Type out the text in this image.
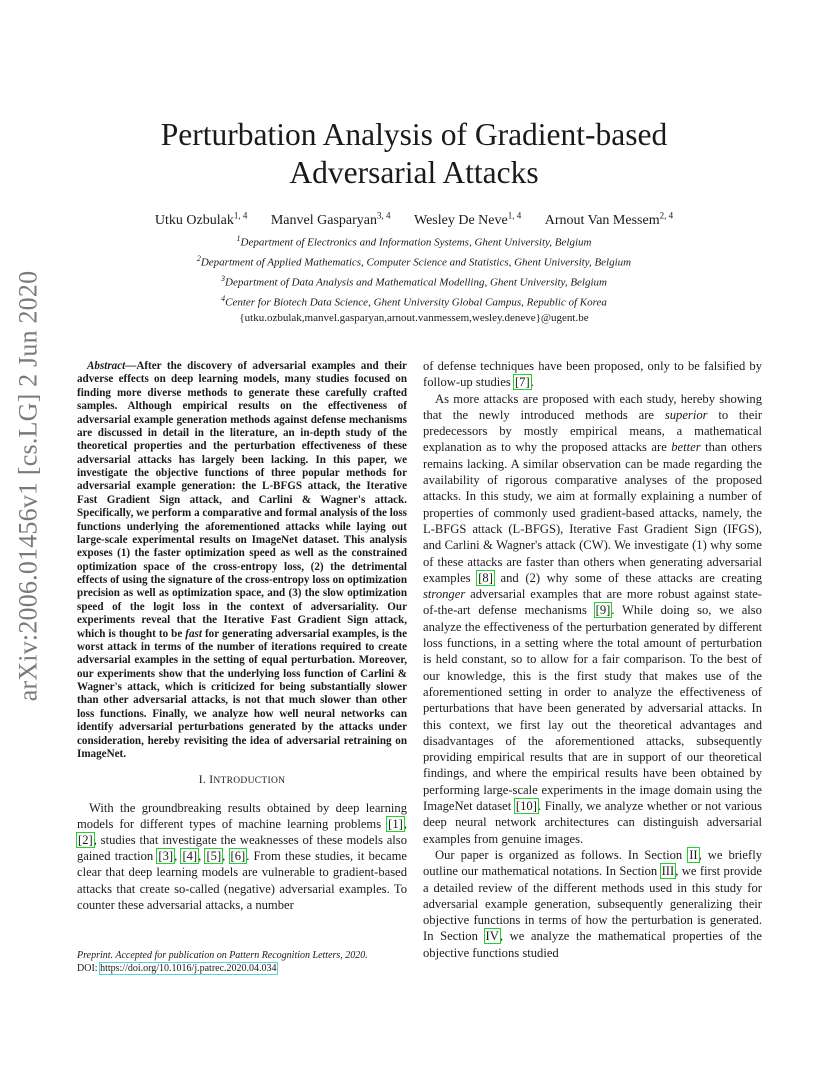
arXiv:2006.01456v1 [cs.LG] 2 Jun 2020
Perturbation Analysis of Gradient-based
Adversarial Attacks
Utku Ozbulak$^{1, 4}$ Manvel Gasparyan$^{3, 4}$ Wesley De Neve$^{1, 4}$ Arnout Van Messem$^{2, 4}$
$^1$Department of Electronics and Information Systems, Ghent University, Belgium
$^2$Department of Applied Mathematics, Computer Science and Statistics, Ghent University, Belgium
$^3$Department of Data Analysis and Mathematical Modelling, Ghent University, Belgium
$^4$Center for Biotech Data Science, Ghent University Global Campus, Republic of Korea
{utku.ozbulak,manvel.gasparyan,arnout.vanmessem,wesley.deneve}@ugent.be

Abstract—After the discovery of adversarial examples and their adverse effects on deep learning models, many studies focused on finding more diverse methods to generate these carefully crafted samples. Although empirical results on the effectiveness of adversarial example generation methods against defense mechanisms are discussed in detail in the literature, an in-depth study of the theoretical properties and the perturbation effectiveness of these adversarial attacks has largely been lacking. In this paper, we investigate the objective functions of three popular methods for adversarial example generation: the L-BFGS attack, the Iterative Fast Gradient Sign attack, and Carlini & Wagner's attack. Specifically, we perform a comparative and formal analysis of the loss functions underlying the aforementioned attacks while laying out large-scale experimental results on ImageNet dataset. This analysis exposes (1) the faster optimization speed as well as the constrained optimization space of the cross-entropy loss, (2) the detrimental effects of using the signature of the cross-entropy loss on optimization precision as well as optimization space, and (3) the slow optimization speed of the logit loss in the context of adversariality. Our experiments reveal that the Iterative Fast Gradient Sign attack, which is thought to be fast for generating adversarial examples, is the worst attack in terms of the number of iterations required to create adversarial examples in the setting of equal perturbation. Moreover, our experiments show that the underlying loss function of Carlini & Wagner's attack, which is criticized for being substantially slower than other adversarial attacks, is not that much slower than other loss functions. Finally, we analyze how well neural networks can identify adversarial perturbations generated by the attacks under consideration, hereby revisiting the idea of adversarial retraining on ImageNet.

I. INTRODUCTION

With the groundbreaking results obtained by deep learning models for different types of machine learning problems [1], [2], studies that investigate the weaknesses of these models also gained traction [3], [4], [5], [6]. From these studies, it became clear that deep learning models are vulnerable to gradient-based attacks that create so-called (negative) adversarial examples. To counter these adversarial attacks, a number

Preprint. Accepted for publication on Pattern Recognition Letters, 2020.
DOI: https://doi.org/10.1016/j.patrec.2020.04.034

of defense techniques have been proposed, only to be falsified by follow-up studies [7].

As more attacks are proposed with each study, hereby showing that the newly introduced methods are superior to their predecessors by mostly empirical means, a mathematical explanation as to why the proposed attacks are better than others remains lacking. A similar observation can be made regarding the availability of rigorous comparative analyses of the proposed attacks. In this study, we aim at formally explaining a number of properties of commonly used gradient-based attacks, namely, the L-BFGS attack (L-BFGS), Iterative Fast Gradient Sign (IFGS), and Carlini & Wagner's attack (CW). We investigate (1) why some of these attacks are faster than others when generating adversarial examples [8] and (2) why some of these attacks are creating stronger adversarial examples that are more robust against state-of-the-art defense mechanisms [9]. While doing so, we also analyze the effectiveness of the perturbation generated by different loss functions, in a setting where the total amount of perturbation is held constant, so to allow for a fair comparison. To the best of our knowledge, this is the first study that makes use of the aforementioned setting in order to analyze the effectiveness of perturbations that have been generated by adversarial attacks. In this context, we first lay out the theoretical advantages and disadvantages of the aforementioned attacks, subsequently providing empirical results that are in support of our theoretical findings, and where the empirical results have been obtained by performing large-scale experiments in the image domain using the ImageNet dataset [10]. Finally, we analyze whether or not various deep neural network architectures can distinguish adversarial examples from genuine images.

Our paper is organized as follows. In Section II, we briefly outline our mathematical notations. In Section III, we first provide a detailed review of the different methods used in this study for adversarial example generation, subsequently generalizing their objective functions in terms of how the perturbation is generated. In Section IV, we analyze the mathematical properties of the objective functions studied
